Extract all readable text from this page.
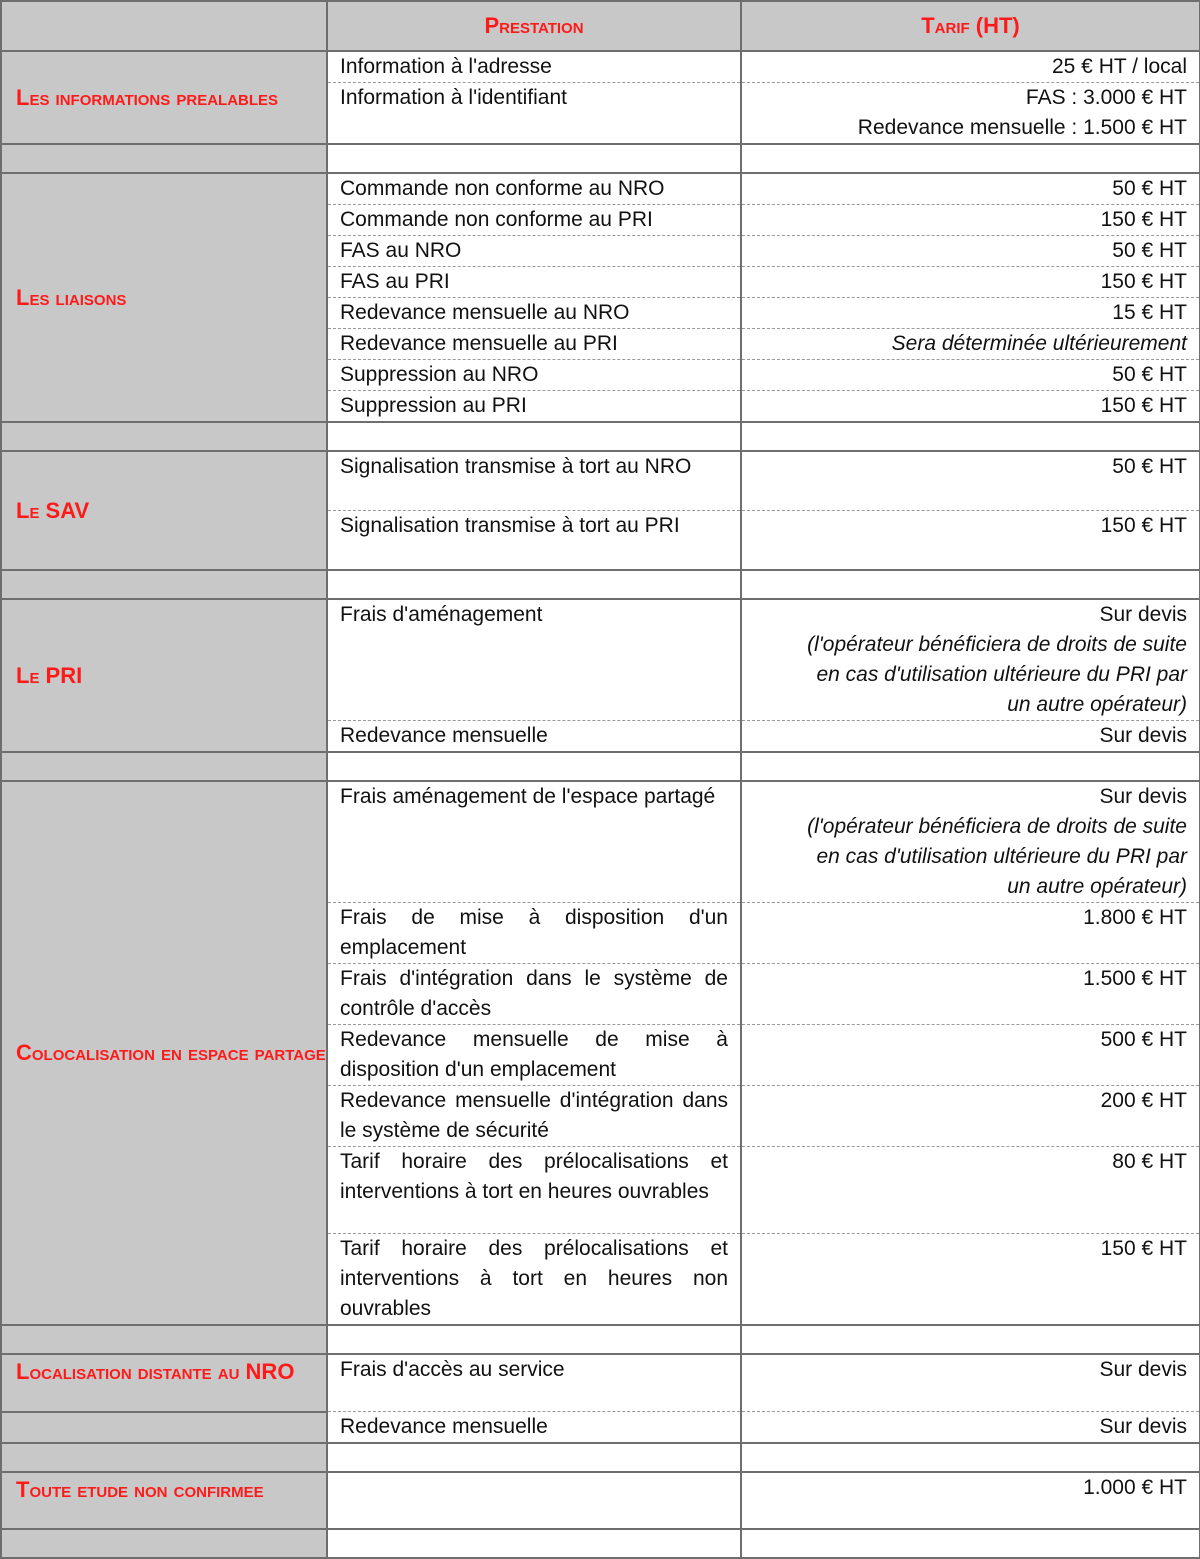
	Prestation	Tarif (HT)
Les informations prealables	Information à l'adresse	25 € HT / local
	Information à l'identifiant	FAS : 3.000 € HT
Redevance mensuelle : 1.500 € HT

Les liaisons	Commande non conforme au NRO	50 € HT
	Commande non conforme au PRI	150 € HT
	FAS au NRO	50 € HT
	FAS au PRI	150 € HT
	Redevance mensuelle au NRO	15 € HT
	Redevance mensuelle au PRI	Sera déterminée ultérieurement
	Suppression au NRO	50 € HT
	Suppression au PRI	150 € HT

Le SAV	Signalisation transmise à tort au NRO	50 € HT
	Signalisation transmise à tort au PRI	150 € HT

Le PRI	Frais d'aménagement	Sur devis
(l'opérateur bénéficiera de droits de suite en cas d'utilisation ultérieure du PRI par un autre opérateur)

	Redevance mensuelle	Sur devis

Colocalisation en espace partage	Frais aménagement de l'espace partagé	Sur devis
(l'opérateur bénéficiera de droits de suite en cas d'utilisation ultérieure du PRI par un autre opérateur)

	Frais de mise à disposition d'un emplacement	1.800 € HT
	Frais d'intégration dans le système de contrôle d'accès	1.500 € HT
	Redevance mensuelle de mise à disposition d'un emplacement	500 € HT
	Redevance mensuelle d'intégration dans le système de sécurité	200 € HT
	Tarif horaire des prélocalisations et interventions à tort en heures ouvrables	80 € HT
	Tarif horaire des prélocalisations et interventions à tort en heures non ouvrables	150 € HT

Localisation distante au NRO	Frais d'accès au service	Sur devis
	Redevance mensuelle	Sur devis

Toute etude non confirmee		1.000 € HT
